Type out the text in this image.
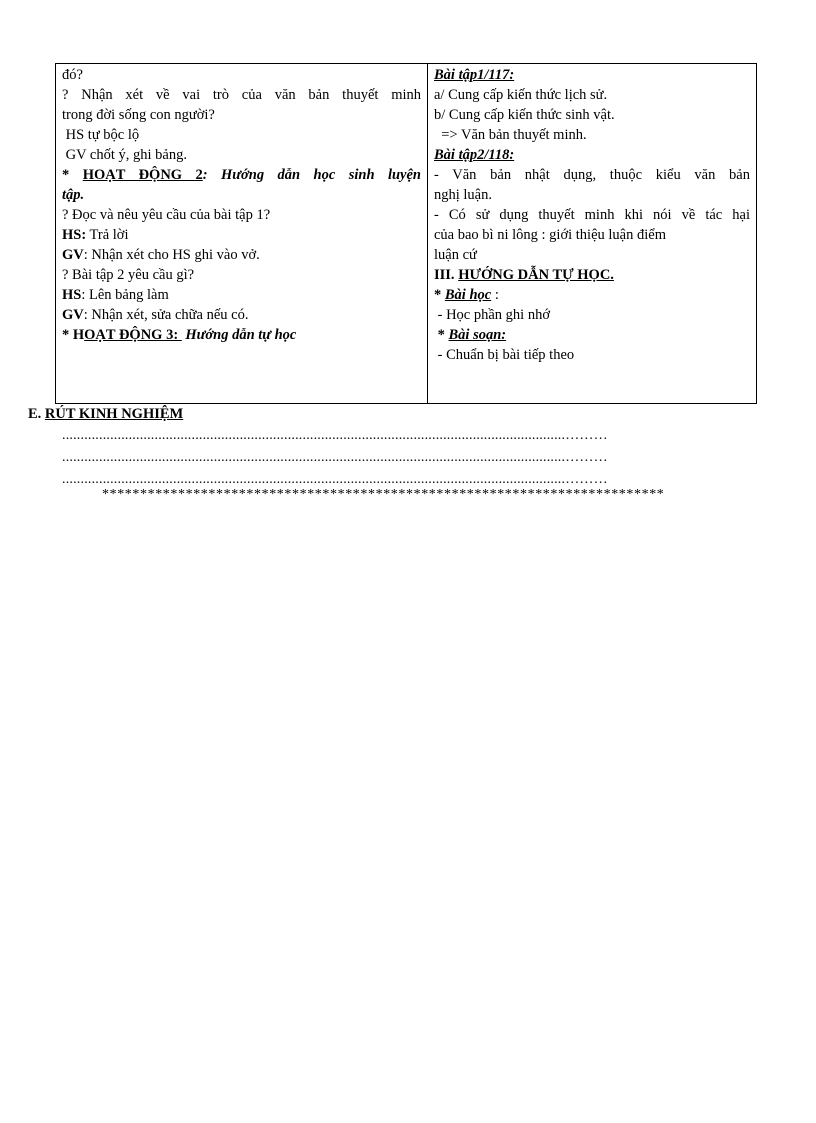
đó?
? Nhận xét về vai trò của văn bản thuyết minh
trong đời sống con người?
HS tự bộc lộ
GV chốt ý, ghi bảng.
* HOẠT ĐỘNG 2: Hướng dẫn học sinh luyện
tập.
? Đọc và nêu yêu cầu của bài tập 1?
HS: Trả lời
GV: Nhận xét cho HS ghi vào vở.
? Bài tập 2 yêu cầu gì?
HS: Lên bảng làm
GV: Nhận xét, sửa chữa nếu có.
* HOẠT ĐỘNG 3:  Hướng dẫn tự học
Bài tập1/117:
a/ Cung cấp kiến thức lịch sử.
b/ Cung cấp kiến thức sinh vật.
=> Văn bản thuyết minh.
Bài tập2/118:
- Văn bản nhật dụng, thuộc kiểu văn bản
nghị luận.
- Có sử dụng thuyết minh khi nói về tác hại
của bao bì ni lông : giới thiệu luận điểm
luận cứ
III. HƯỚNG DẪN TỰ HỌC.
* Bài học :
- Học phần ghi nhớ
* Bài soạn:
- Chuẩn bị bài tiếp theo
E. RÚT KINH NGHIỆM
........................................................................................................................................………
........................................................................................................................................………
........................................................................................................................................………
**************************************************************************
